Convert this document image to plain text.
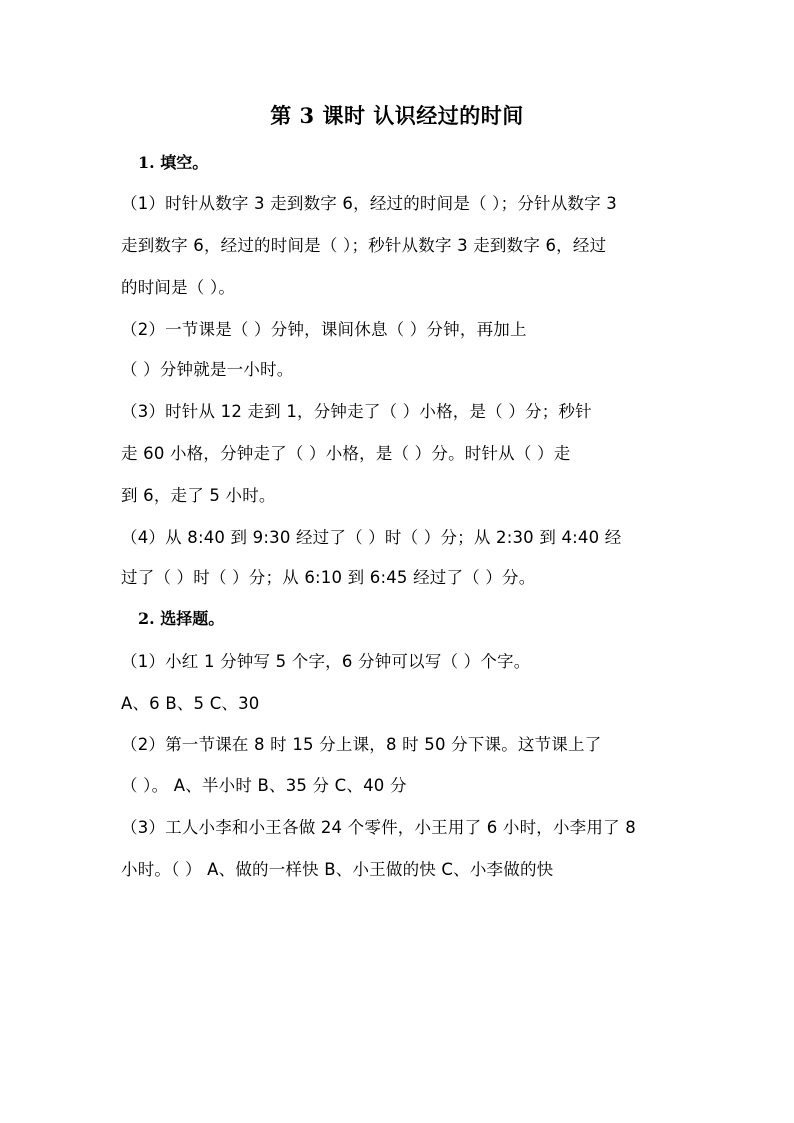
第 3 课时 认识经过的时间
1. 填空。
（1）时针从数字 3 走到数字 6，经过的时间是（ ）；分针从数字 3
走到数字 6，经过的时间是（ ）；秒针从数字 3 走到数字 6，经过
的时间是（ ）。
（2）一节课是（ ）分钟，课间休息（ ）分钟，再加上
（ ）分钟就是一小时。
（3）时针从 12 走到 1，分钟走了（ ）小格，是（ ）分；秒针
走 60 小格，分钟走了（ ）小格，是（ ）分。时针从（ ）走
到 6，走了 5 小时。
（4）从 8:40 到 9:30 经过了（ ）时（ ）分；从 2:30 到 4:40 经
过了（ ）时（ ）分；从 6:10 到 6:45 经过了（ ）分。
2. 选择题。
（1）小红 1 分钟写 5 个字，6 分钟可以写（ ）个字。
A、6 B、5 C、30
（2）第一节课在 8 时 15 分上课，8 时 50 分下课。这节课上了
（ ）。 A、半小时 B、35 分 C、40 分
（3）工人小李和小王各做 24 个零件，小王用了 6 小时，小李用了 8
小时。（ ） A、做的一样快 B、小王做的快 C、小李做的快
